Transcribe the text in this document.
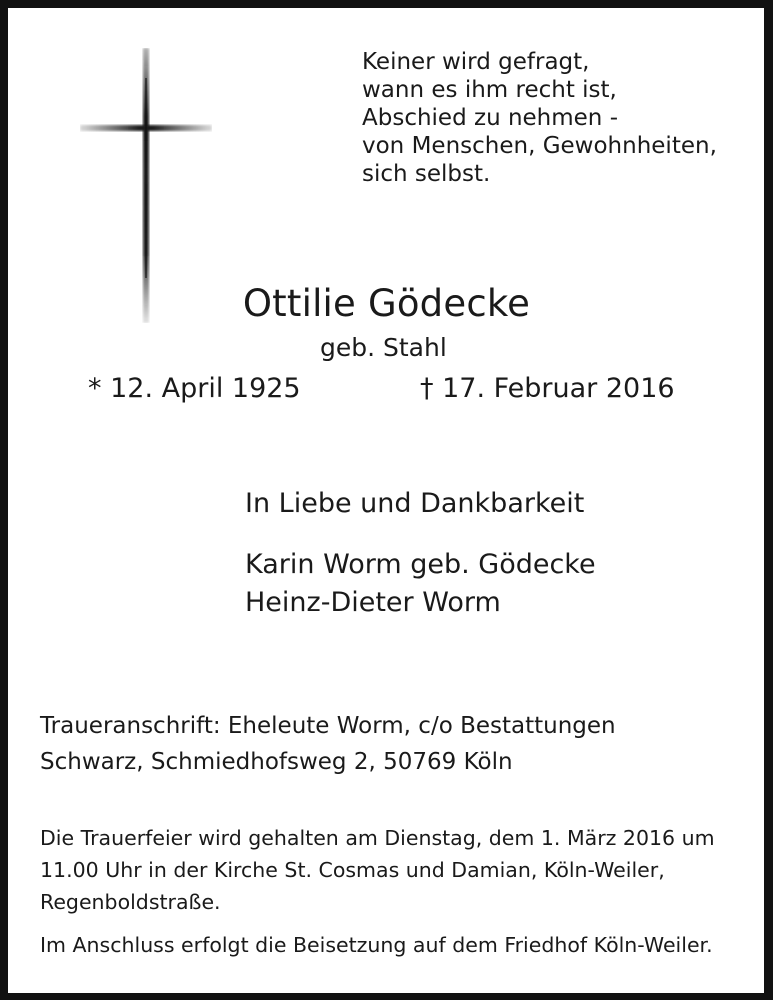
Keiner wird gefragt,
wann es ihm recht ist,
Abschied zu nehmen -
von Menschen, Gewohnheiten,
sich selbst.
Ottilie Gödecke
geb. Stahl
* 12. April 1925	† 17. Februar 2016
In Liebe und Dankbarkeit
Karin Worm geb. Gödecke
Heinz-Dieter Worm
Traueranschrift: Eheleute Worm, c/o Bestattungen
Schwarz, Schmiedhofsweg 2, 50769 Köln
Die Trauerfeier wird gehalten am Dienstag, dem 1. März 2016 um
11.00 Uhr in der Kirche St. Cosmas und Damian, Köln-Weiler,
Regenboldstraße.
Im Anschluss erfolgt die Beisetzung auf dem Friedhof Köln-Weiler.
